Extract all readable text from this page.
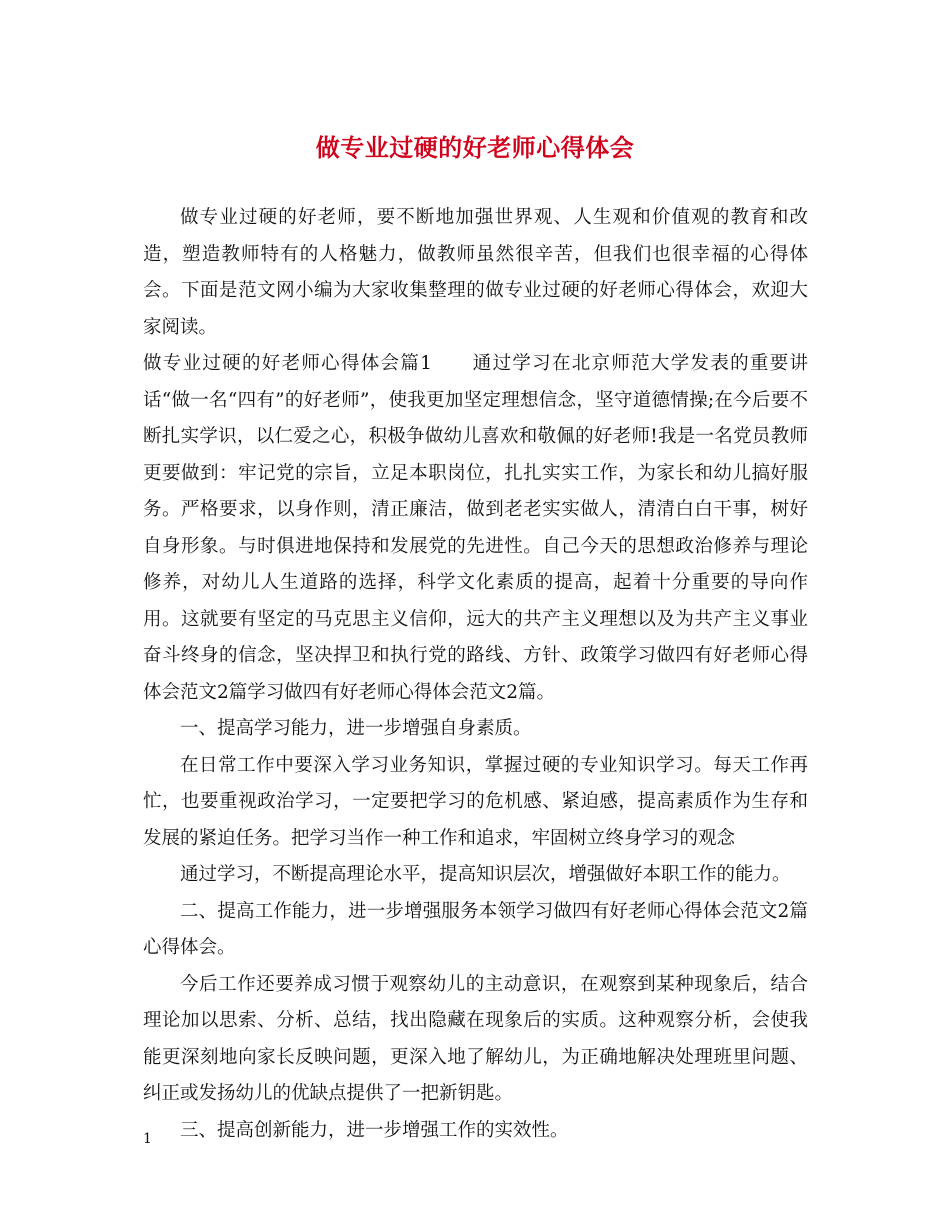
做专业过硬的好老师心得体会

做专业过硬的好老师，要不断地加强世界观、人生观和价值观的教育和改造，塑造教师特有的人格魅力，做教师虽然很辛苦，但我们也很幸福的心得体会。下面是范文网小编为大家收集整理的做专业过硬的好老师心得体会，欢迎大家阅读。

做专业过硬的好老师心得体会篇1　　通过学习在北京师范大学发表的重要讲话“做一名“四有”的好老师”，使我更加坚定理想信念，坚守道德情操;在今后要不断扎实学识，以仁爱之心，积极争做幼儿喜欢和敬佩的好老师!我是一名党员教师更要做到：牢记党的宗旨，立足本职岗位，扎扎实实工作，为家长和幼儿搞好服务。严格要求，以身作则，清正廉洁，做到老老实实做人，清清白白干事，树好自身形象。与时俱进地保持和发展党的先进性。自己今天的思想政治修养与理论修养，对幼儿人生道路的选择，科学文化素质的提高，起着十分重要的导向作用。这就要有坚定的马克思主义信仰，远大的共产主义理想以及为共产主义事业奋斗终身的信念，坚决捍卫和执行党的路线、方针、政策学习做四有好老师心得体会范文2篇学习做四有好老师心得体会范文2篇。

一、提高学习能力，进一步增强自身素质。

在日常工作中要深入学习业务知识，掌握过硬的专业知识学习。每天工作再忙，也要重视政治学习，一定要把学习的危机感、紧迫感，提高素质作为生存和发展的紧迫任务。把学习当作一种工作和追求，牢固树立终身学习的观念

通过学习，不断提高理论水平，提高知识层次，增强做好本职工作的能力。

二、提高工作能力，进一步增强服务本领学习做四有好老师心得体会范文2篇心得体会。

今后工作还要养成习惯于观察幼儿的主动意识，在观察到某种现象后，结合理论加以思索、分析、总结，找出隐藏在现象后的实质。这种观察分析，会使我能更深刻地向家长反映问题，更深入地了解幼儿，为正确地解决处理班里问题、纠正或发扬幼儿的优缺点提供了一把新钥匙。

三、提高创新能力，进一步增强工作的实效性。

1
